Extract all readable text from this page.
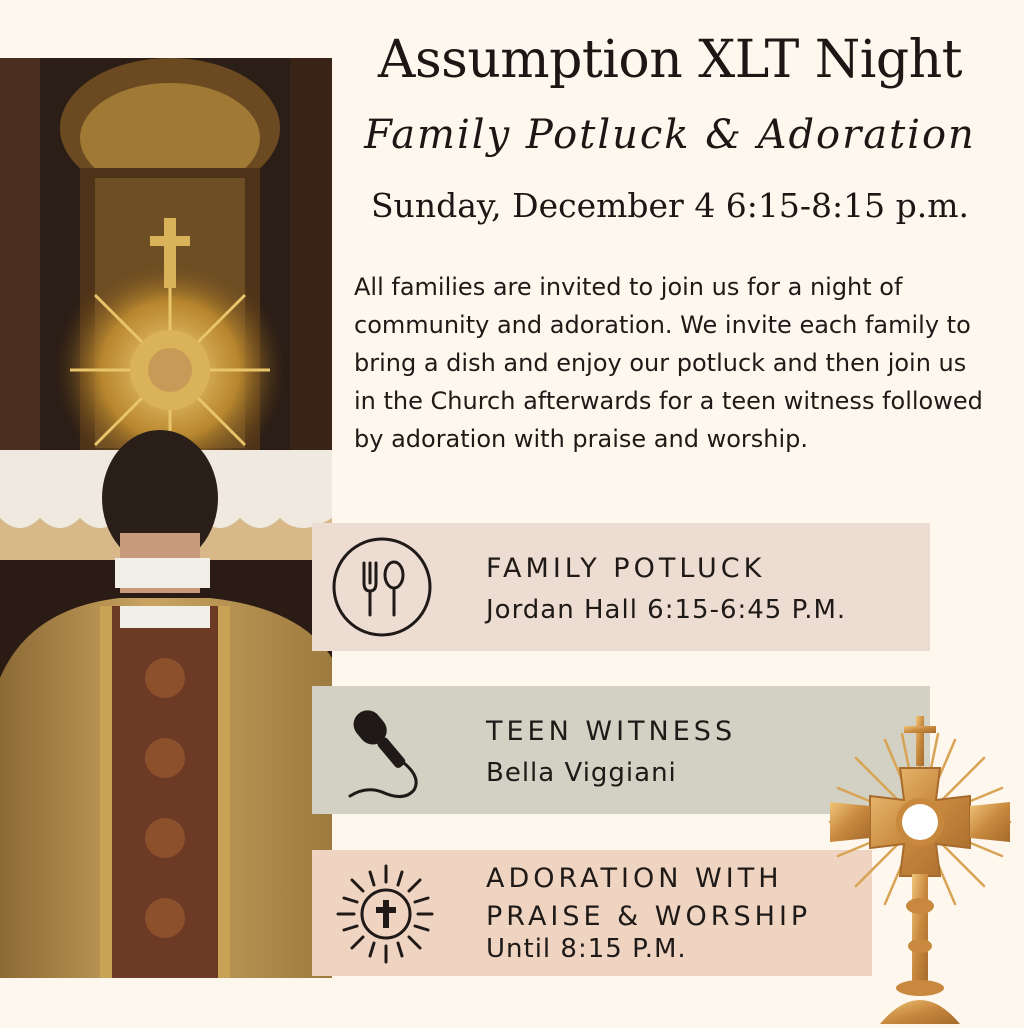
Assumption XLT Night
Family Potluck & Adoration
Sunday, December 4 6:15-8:15 p.m.
All families are invited to join us for a night of community and adoration. We invite each family to bring a dish and enjoy our potluck and then join us in the Church afterwards for a teen witness followed by adoration with praise and worship.
FAMILY POTLUCK
Jordan Hall 6:15-6:45 P.M.
TEEN WITNESS
Bella Viggiani
ADORATION WITH PRAISE & WORSHIP
Until 8:15 P.M.
